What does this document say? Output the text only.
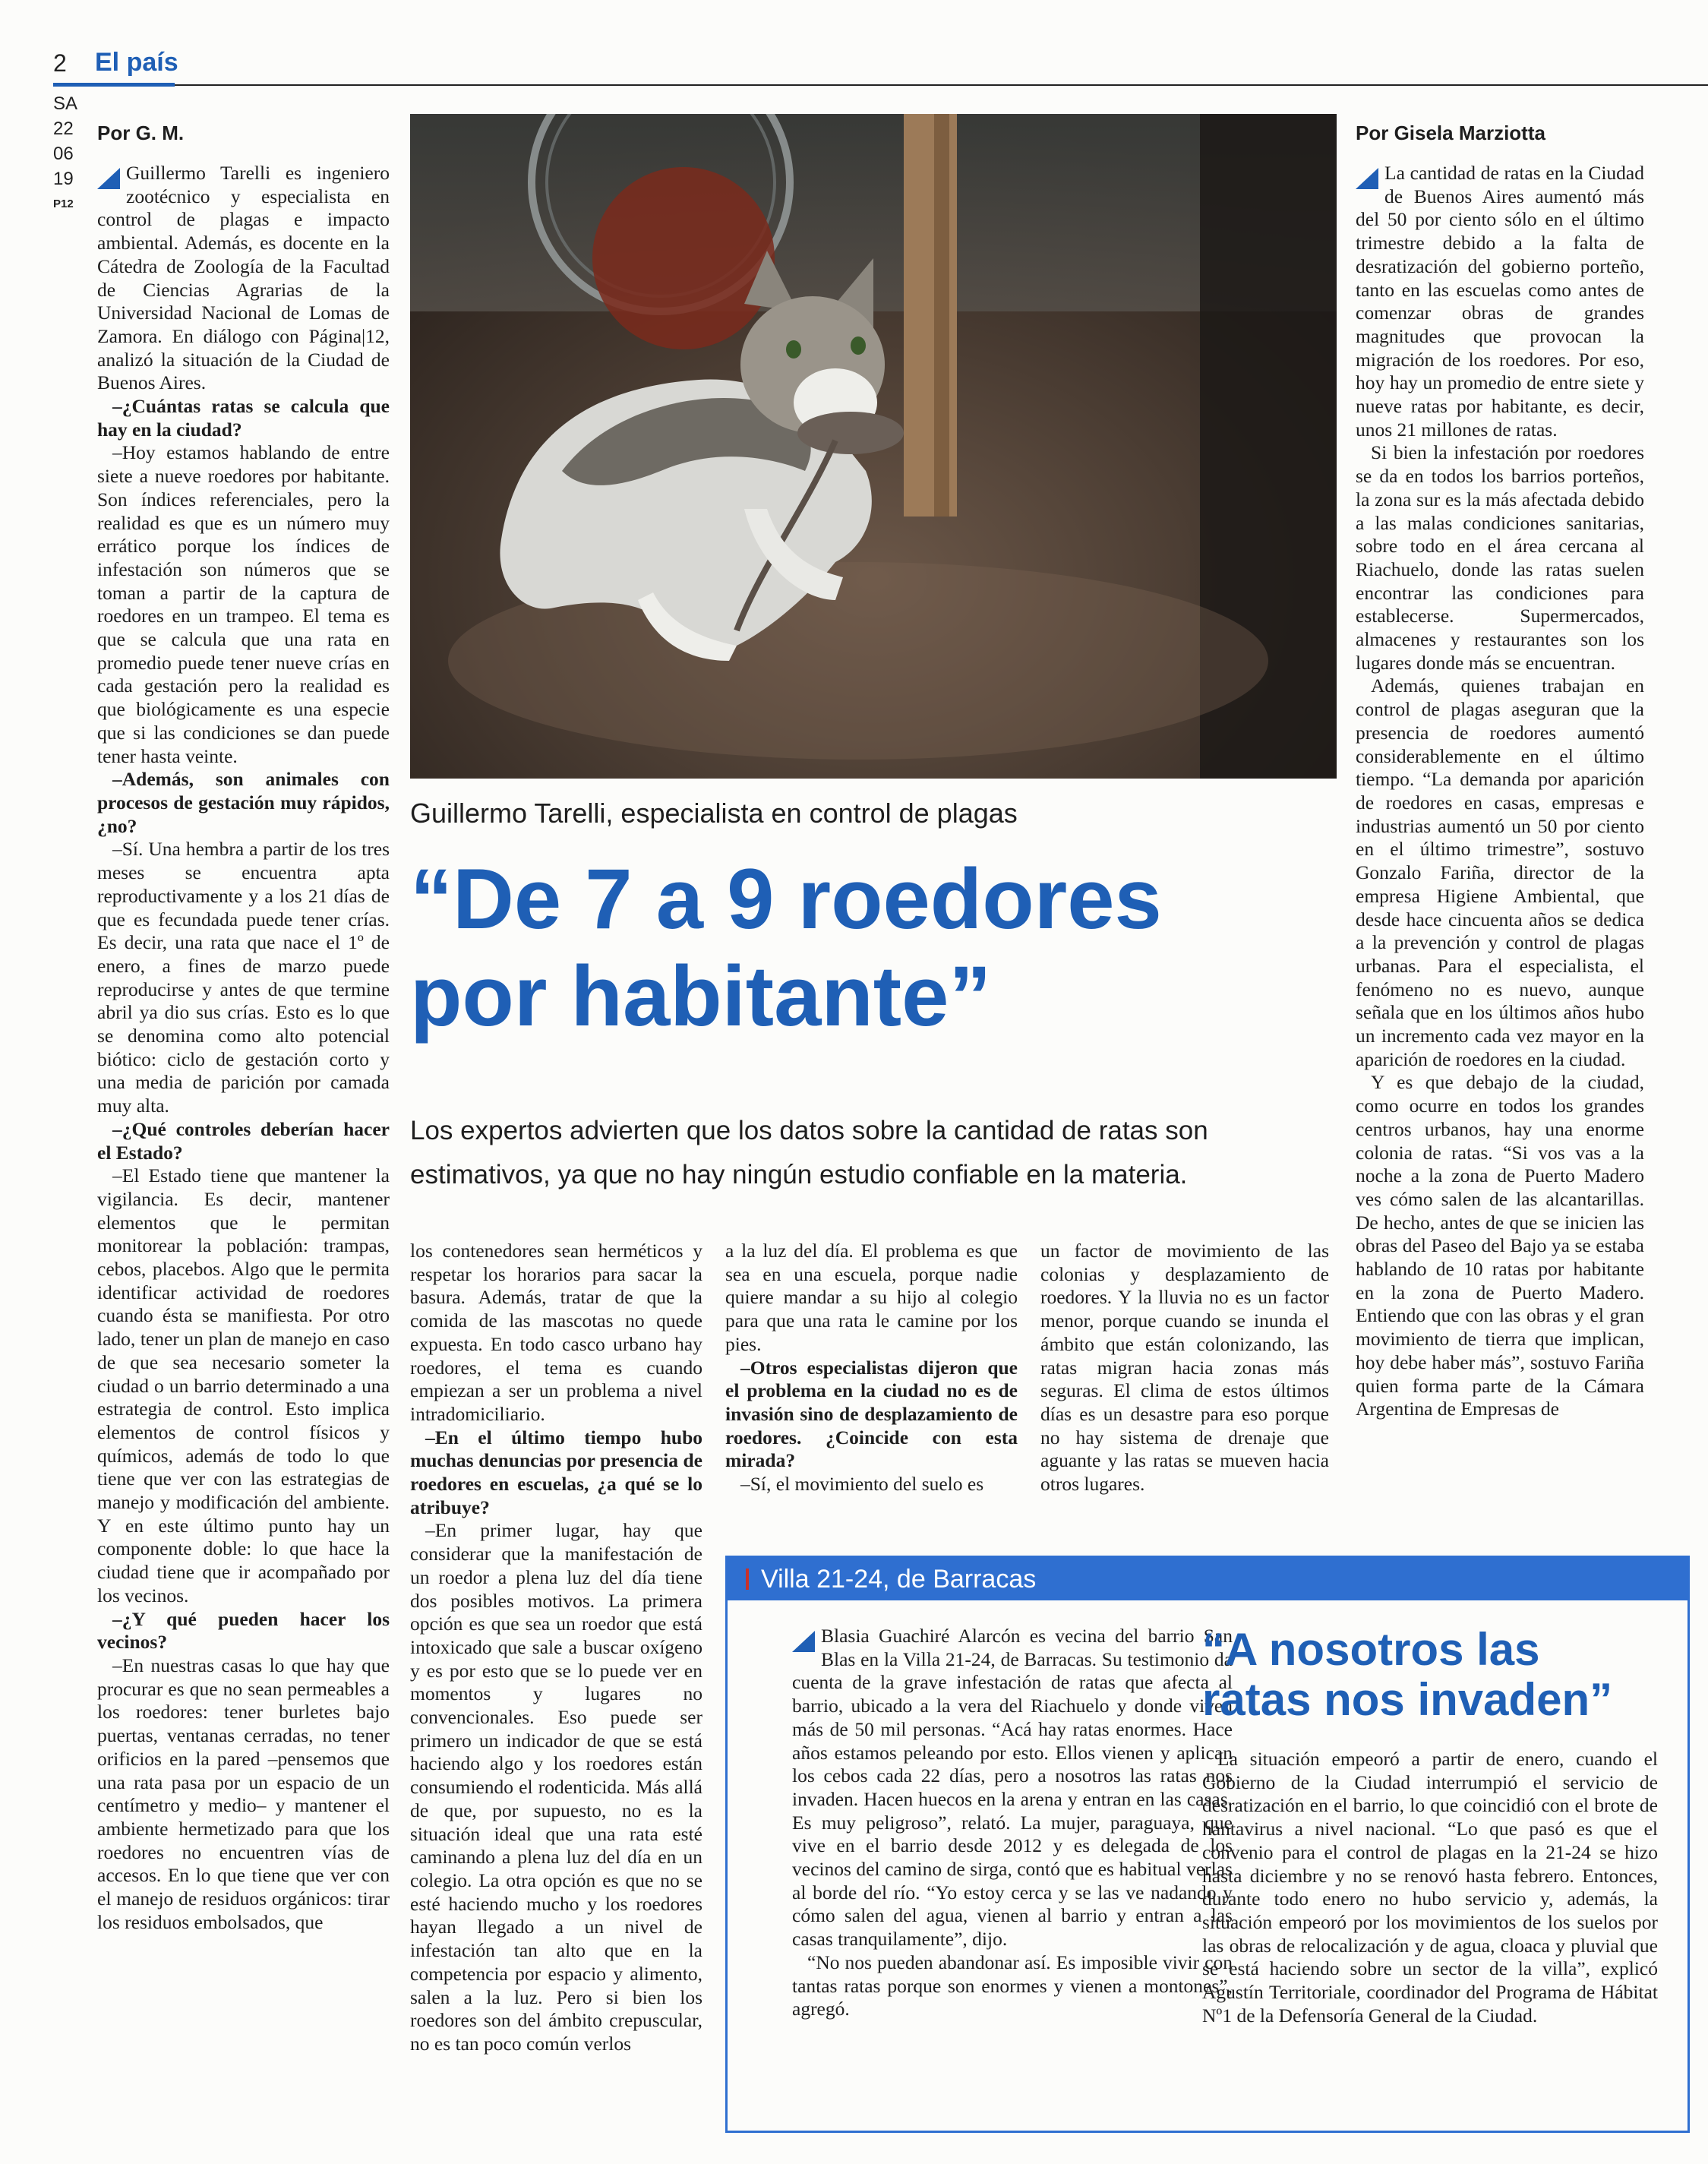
2 El país
SA
22
06
19
P12
Por G. M.

Guillermo Tarelli es ingeniero zootécnico y especialista en control de plagas e impacto ambiental. Además, es docente en la Cátedra de Zoología de la Facultad de Ciencias Agrarias de la Universidad Nacional de Lomas de Zamora. En diálogo con Página|12, analizó la situación de la Ciudad de Buenos Aires.

–¿Cuántas ratas se calcula que hay en la ciudad?

–Hoy estamos hablando de entre siete a nueve roedores por habitante. Son índices referenciales, pero la realidad es que es un número muy errático porque los índices de infestación son números que se toman a partir de la captura de roedores en un trampeo. El tema es que se calcula que una rata en promedio puede tener nueve crías en cada gestación pero la realidad es que biológicamente es una especie que si las condiciones se dan puede tener hasta veinte.

–Además, son animales con procesos de gestación muy rápidos, ¿no?

–Sí. Una hembra a partir de los tres meses se encuentra apta reproductivamente y a los 21 días de que es fecundada puede tener crías. Es decir, una rata que nace el 1º de enero, a fines de marzo puede reproducirse y antes de que termine abril ya dio sus crías. Esto es lo que se denomina como alto potencial biótico: ciclo de gestación corto y una media de parición por camada muy alta.

–¿Qué controles deberían hacer el Estado?

–El Estado tiene que mantener la vigilancia. Es decir, mantener elementos que le permitan monitorear la población: trampas, cebos, placebos. Algo que le permita identificar actividad de roedores cuando ésta se manifiesta. Por otro lado, tener un plan de manejo en caso de que sea necesario someter la ciudad o un barrio determinado a una estrategia de control. Esto implica elementos de control físicos y químicos, además de todo lo que tiene que ver con las estrategias de manejo y modificación del ambiente. Y en este último punto hay un componente doble: lo que hace la ciudad tiene que ir acompañado por los vecinos.

–¿Y qué pueden hacer los vecinos?

–En nuestras casas lo que hay que procurar es que no sean permeables a los roedores: tener burletes bajo puertas, ventanas cerradas, no tener orificios en la pared –pensemos que una rata pasa por un espacio de un centímetro y medio– y mantener el ambiente hermetizado para que los roedores no encuentren vías de accesos. En lo que tiene que ver con el manejo de residuos orgánicos: tirar los residuos embolsados, que

Guillermo Tarelli, especialista en control de plagas
“De 7 a 9 roedores
por habitante”
Los expertos advierten que los datos sobre la cantidad de ratas son estimativos, ya que no hay ningún estudio confiable en la materia.

los contenedores sean herméticos y respetar los horarios para sacar la basura. Además, tratar de que la comida de las mascotas no quede expuesta. En todo casco urbano hay roedores, el tema es cuando empiezan a ser un problema a nivel intradomiciliario.

–En el último tiempo hubo muchas denuncias por presencia de roedores en escuelas, ¿a qué se lo atribuye?

–En primer lugar, hay que considerar que la manifestación de un roedor a plena luz del día tiene dos posibles motivos. La primera opción es que sea un roedor que está intoxicado que sale a buscar oxígeno y es por esto que se lo puede ver en momentos y lugares no convencionales. Eso puede ser primero un indicador de que se está haciendo algo y los roedores están consumiendo el rodenticida. Más allá de que, por supuesto, no es la situación ideal que una rata esté caminando a plena luz del día en un colegio. La otra opción es que no se esté haciendo mucho y los roedores hayan llegado a un nivel de infestación tan alto que en la competencia por espacio y alimento, salen a la luz. Pero si bien los roedores son del ámbito crepuscular, no es tan poco común verlos

a la luz del día. El problema es que sea en una escuela, porque nadie quiere mandar a su hijo al colegio para que una rata le camine por los pies.

–Otros especialistas dijeron que el problema en la ciudad no es de invasión sino de desplazamiento de roedores. ¿Coincide con esta mirada?

–Sí, el movimiento del suelo es

un factor de movimiento de las colonias y desplazamiento de roedores. Y la lluvia no es un factor menor, porque cuando se inunda el ámbito que están colonizando, las ratas migran hacia zonas más seguras. El clima de estos últimos días es un desastre para eso porque no hay sistema de drenaje que aguante y las ratas se mueven hacia otros lugares.

Por Gisela Marziotta

La cantidad de ratas en la Ciudad de Buenos Aires aumentó más del 50 por ciento sólo en el último trimestre debido a la falta de desratización del gobierno porteño, tanto en las escuelas como antes de comenzar obras de grandes magnitudes que provocan la migración de los roedores. Por eso, hoy hay un promedio de entre siete y nueve ratas por habitante, es decir, unos 21 millones de ratas.

Si bien la infestación por roedores se da en todos los barrios porteños, la zona sur es la más afectada debido a las malas condiciones sanitarias, sobre todo en el área cercana al Riachuelo, donde las ratas suelen encontrar las condiciones para establecerse. Supermercados, almacenes y restaurantes son los lugares donde más se encuentran.

Además, quienes trabajan en control de plagas aseguran que la presencia de roedores aumentó considerablemente en el último tiempo. “La demanda por aparición de roedores en casas, empresas e industrias aumentó un 50 por ciento en el último trimestre”, sostuvo Gonzalo Fariña, director de la empresa Higiene Ambiental, que desde hace cincuenta años se dedica a la prevención y control de plagas urbanas. Para el especialista, el fenómeno no es nuevo, aunque señala que en los últimos años hubo un incremento cada vez mayor en la aparición de roedores en la ciudad.

Y es que debajo de la ciudad, como ocurre en todos los grandes centros urbanos, hay una enorme colonia de ratas. “Si vos vas a la noche a la zona de Puerto Madero ves cómo salen de las alcantarillas. De hecho, antes de que se inicien las obras del Paseo del Bajo ya se estaba hablando de 10 ratas por habitante en la zona de Puerto Madero. Entiendo que con las obras y el gran movimiento de tierra que implican, hoy debe haber más”, sostuvo Fariña quien forma parte de la Cámara Argentina de Empresas de

Villa 21-24, de Barracas

Blasia Guachiré Alarcón es vecina del barrio San Blas en la Villa 21-24, de Barracas. Su testimonio da cuenta de la grave infestación de ratas que afecta al barrio, ubicado a la vera del Riachuelo y donde viven más de 50 mil personas. “Acá hay ratas enormes. Hace años estamos peleando por esto. Ellos vienen y aplican los cebos cada 22 días, pero a nosotros las ratas nos invaden. Hacen huecos en la arena y entran en las casas. Es muy peligroso”, relató. La mujer, paraguaya, que vive en el barrio desde 2012 y es delegada de los vecinos del camino de sirga, contó que es habitual verlas al borde del río. “Yo estoy cerca y se las ve nadando y cómo salen del agua, vienen al barrio y entran a las casas tranquilamente”, dijo.

“No nos pueden abandonar así. Es imposible vivir con tantas ratas porque son enormes y vienen a montones”, agregó.

“A nosotros las ratas nos invaden”
La situación empeoró a partir de enero, cuando el Gobierno de la Ciudad interrumpió el servicio de desratización en el barrio, lo que coincidió con el brote de hantavirus a nivel nacional. “Lo que pasó es que el convenio para el control de plagas en la 21-24 se hizo hasta diciembre y no se renovó hasta febrero. Entonces, durante todo enero no hubo servicio y, además, la situación empeoró por los movimientos de los suelos por las obras de relocalización y de agua, cloaca y pluvial que se está haciendo sobre un sector de la villa”, explicó Agustín Territoriale, coordinador del Programa de Hábitat Nº1 de la Defensoría General de la Ciudad.
